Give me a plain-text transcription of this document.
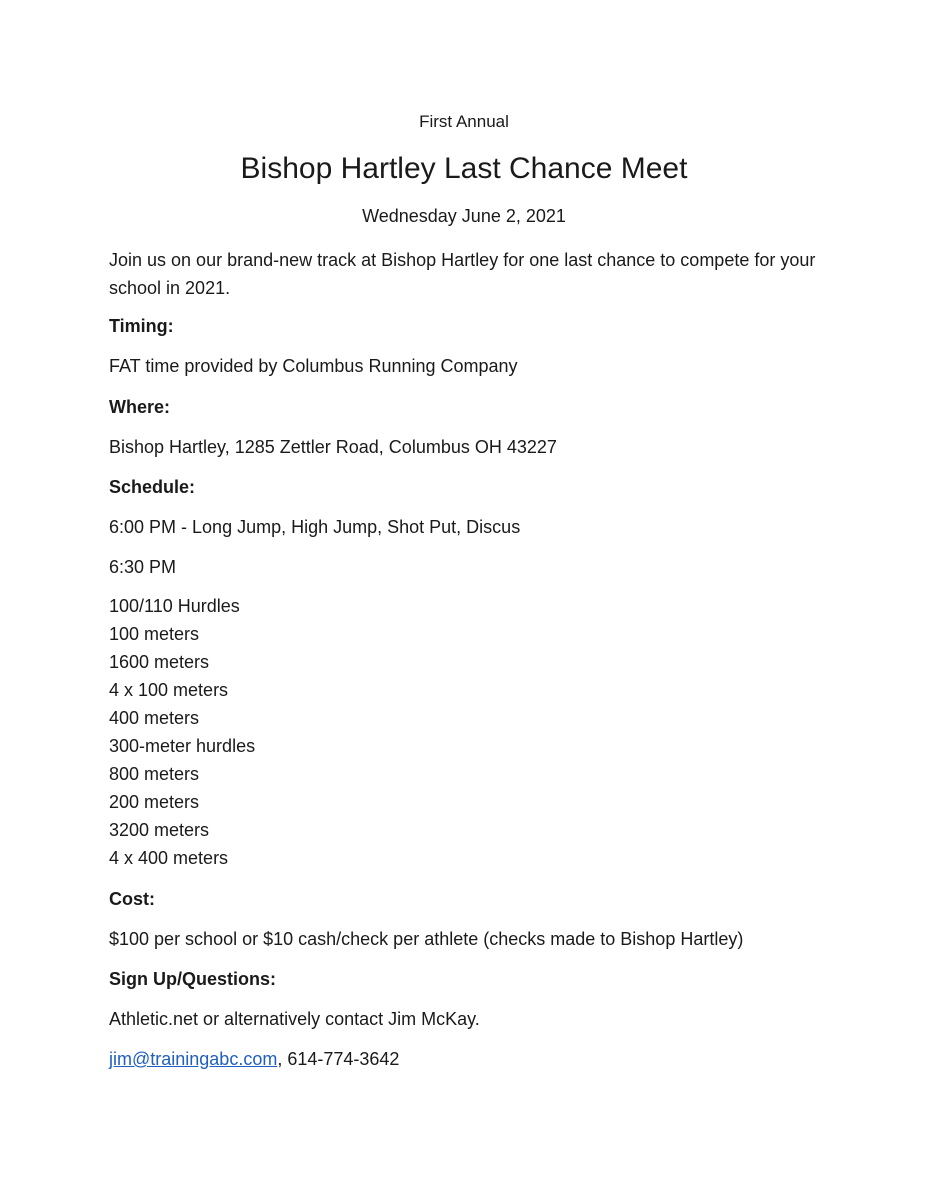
First Annual
Bishop Hartley Last Chance Meet
Wednesday June 2, 2021
Join us on our brand-new track at Bishop Hartley for one last chance to compete for your school in 2021.
Timing:
FAT time provided by Columbus Running Company
Where:
Bishop Hartley, 1285 Zettler Road, Columbus OH 43227
Schedule:
6:00 PM - Long Jump, High Jump, Shot Put, Discus
6:30 PM
100/110 Hurdles
100 meters
1600 meters
4 x 100 meters
400 meters
300-meter hurdles
800 meters
200 meters
3200 meters
4 x 400 meters
Cost:
$100 per school or $10 cash/check per athlete (checks made to Bishop Hartley)
Sign Up/Questions:
Athletic.net or alternatively contact Jim McKay.
jim@trainingabc.com, 614-774-3642
